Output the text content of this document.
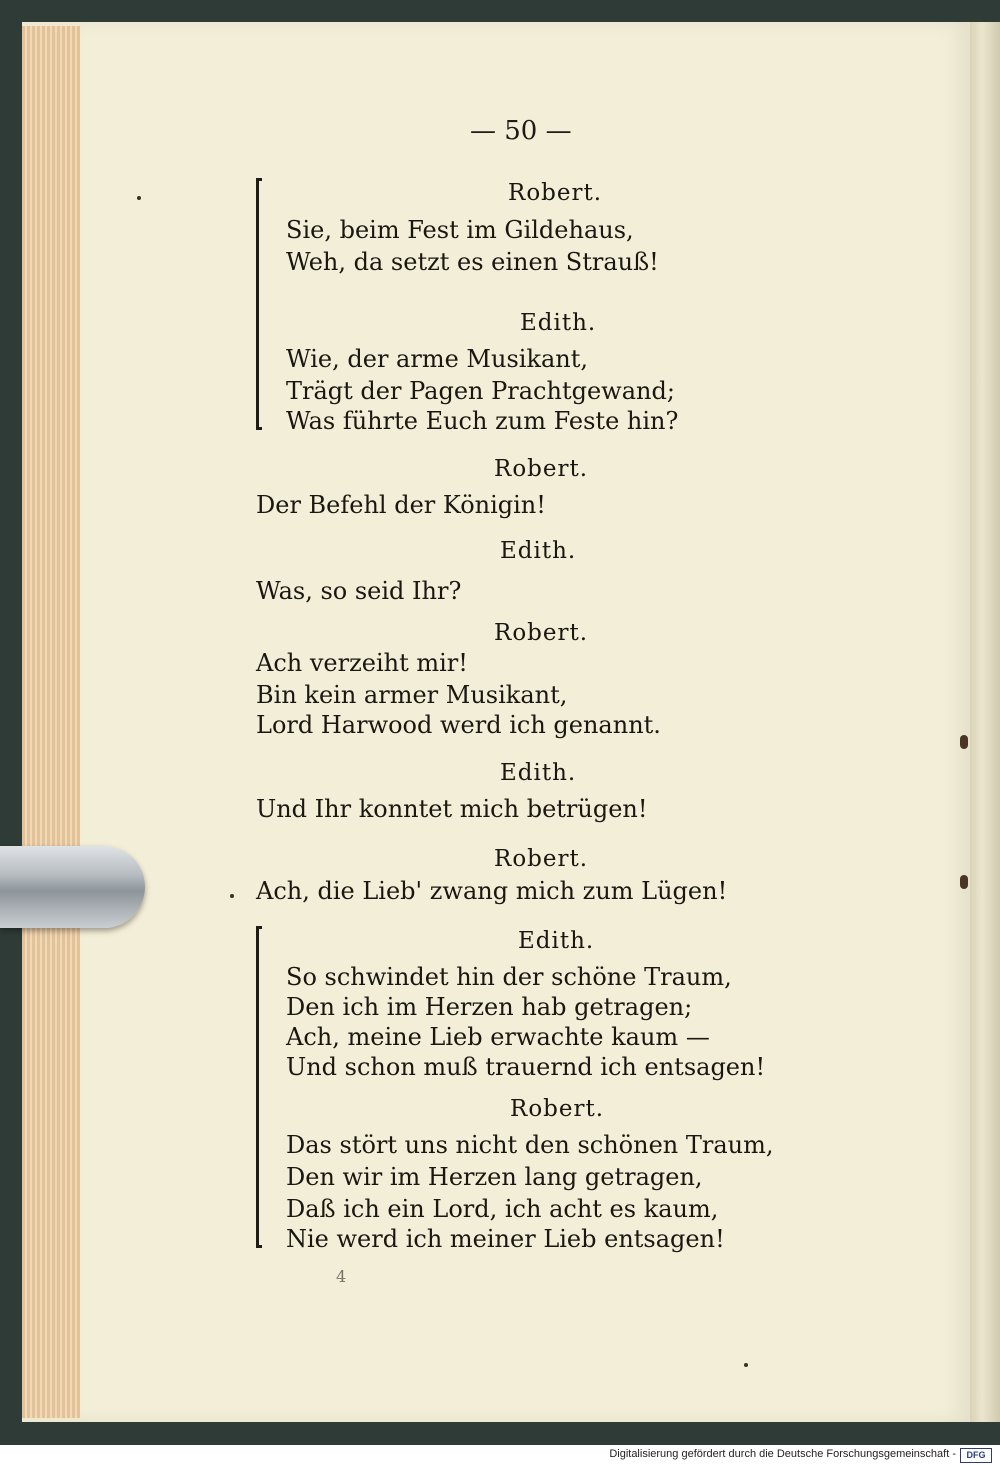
— 50 —
Robert.
Sie, beim Fest im Gildehaus,
Weh, da setzt es einen Strauß!
Edith.
Wie, der arme Musikant,
Trägt der Pagen Prachtgewand;
Was führte Euch zum Feste hin?
Robert.
Der Befehl der Königin!
Edith.
Was, so seid Ihr?
Robert.
Ach verzeiht mir!
Bin kein armer Musikant,
Lord Harwood werd ich genannt.
Edith.
Und Ihr konntet mich betrügen!
Robert.
Ach, die Lieb' zwang mich zum Lügen!
Edith.
So schwindet hin der schöne Traum,
Den ich im Herzen hab getragen;
Ach, meine Lieb erwachte kaum —
Und schon muß trauernd ich entsagen!
Robert.
Das stört uns nicht den schönen Traum,
Den wir im Herzen lang getragen,
Daß ich ein Lord, ich acht es kaum,
Nie werd ich meiner Lieb entsagen!
4
Digitalisierung gefördert durch die Deutsche Forschungsgemeinschaft -	DFG
